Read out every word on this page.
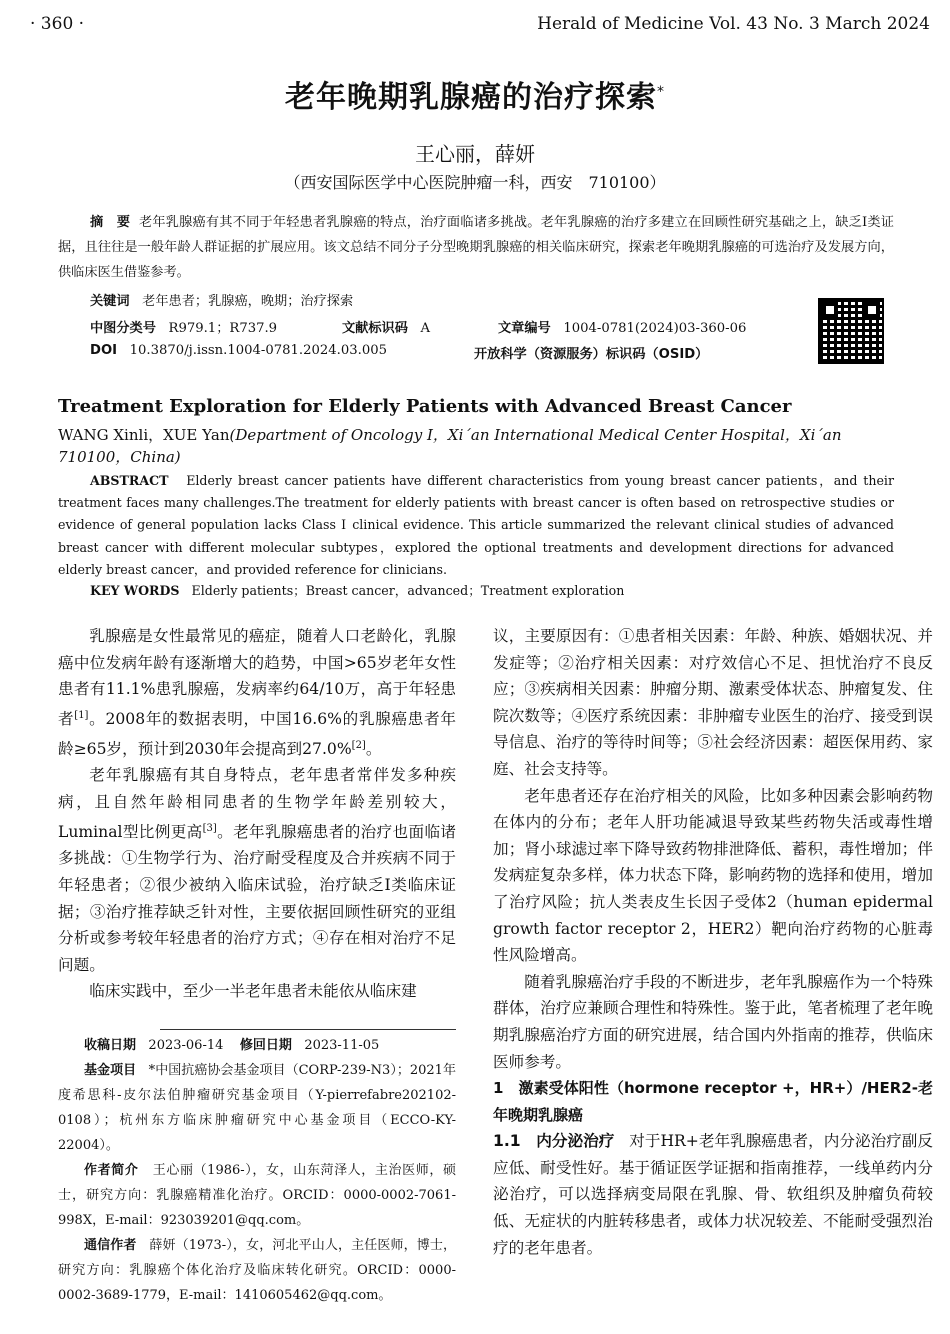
· 360 ·	Herald of Medicine Vol. 43 No. 3 March 2024
老年晚期乳腺癌的治疗探索*
王心丽，薛妍
（西安国际医学中心医院肿瘤一科，西安　710100）
摘　要 老年乳腺癌有其不同于年轻患者乳腺癌的特点，治疗面临诸多挑战。老年乳腺癌的治疗多建立在回顾性研究基础之上，缺乏Ⅰ类证据，且往往是一般年龄人群证据的扩展应用。该文总结不同分子分型晚期乳腺癌的相关临床研究，探索老年晚期乳腺癌的可选治疗及发展方向，供临床医生借鉴参考。
关键词 老年患者；乳腺癌，晚期；治疗探索
中图分类号 R979.1；R737.9	文献标识码 A	文章编号 1004-0781(2024)03-360-06
DOI 10.3870/j.issn.1004-0781.2024.03.005	开放科学（资源服务）标识码（OSID）
Treatment Exploration for Elderly Patients with Advanced Breast Cancer
WANG Xinli，XUE Yan(Department of Oncology Ⅰ，Xi´an International Medical Center Hospital，Xi´an 710100，China)
ABSTRACT Elderly breast cancer patients have different characteristics from young breast cancer patients，and their treatment faces many challenges.The treatment for elderly patients with breast cancer is often based on retrospective studies or evidence of general population lacks Class Ⅰ clinical evidence. This article summarized the relevant clinical studies of advanced breast cancer with different molecular subtypes，explored the optional treatments and development directions for advanced elderly breast cancer，and provided reference for clinicians.
KEY WORDS Elderly patients；Breast cancer，advanced；Treatment exploration

乳腺癌是女性最常见的癌症，随着人口老龄化，乳腺癌中位发病年龄有逐渐增大的趋势，中国>65岁老年女性患者有11.1%患乳腺癌，发病率约64/10万，高于年轻患者[1]。2008年的数据表明，中国16.6%的乳腺癌患者年龄≥65岁，预计到2030年会提高到27.0%[2]。

老年乳腺癌有其自身特点，老年患者常伴发多种疾病，且自然年龄相同患者的生物学年龄差别较大，Luminal型比例更高[3]。老年乳腺癌患者的治疗也面临诸多挑战：①生物学行为、治疗耐受程度及合并疾病不同于年轻患者；②很少被纳入临床试验，治疗缺乏Ⅰ类临床证据；③治疗推荐缺乏针对性，主要依据回顾性研究的亚组分析或参考较年轻患者的治疗方式；④存在相对治疗不足问题。

临床实践中，至少一半老年患者未能依从临床建

收稿日期 2023-06-14 修回日期 2023-11-05

基金项目 *中国抗癌协会基金项目（CORP-239-N3）；2021年度希思科-皮尔法伯肿瘤研究基金项目（Y-pierrefabre202102-0108）；杭州东方临床肿瘤研究中心基金项目（ECCO-KY-22004）。

作者简介 王心丽（1986-），女，山东菏泽人，主治医师，硕士，研究方向：乳腺癌精准化治疗。ORCID：0000-0002-7061-998X，E-mail：923039201@qq.com。

通信作者 薛妍（1973-），女，河北平山人，主任医师，博士，研究方向：乳腺癌个体化治疗及临床转化研究。ORCID：0000-0002-3689-1779，E-mail：1410605462@qq.com。

议，主要原因有：①患者相关因素：年龄、种族、婚姻状况、并发症等；②治疗相关因素：对疗效信心不足、担忧治疗不良反应；③疾病相关因素：肿瘤分期、激素受体状态、肿瘤复发、住院次数等；④医疗系统因素：非肿瘤专业医生的治疗、接受到误导信息、治疗的等待时间等；⑤社会经济因素：超医保用药、家庭、社会支持等。

老年患者还存在治疗相关的风险，比如多种因素会影响药物在体内的分布；老年人肝功能减退导致某些药物失活或毒性增加；肾小球滤过率下降导致药物排泄降低、蓄积，毒性增加；伴发病症复杂多样，体力状态下降，影响药物的选择和使用，增加了治疗风险；抗人类表皮生长因子受体2（human epidermal growth factor receptor 2，HER2）靶向治疗药物的心脏毒性风险增高。

随着乳腺癌治疗手段的不断进步，老年乳腺癌作为一个特殊群体，治疗应兼顾合理性和特殊性。鉴于此，笔者梳理了老年晚期乳腺癌治疗方面的研究进展，结合国内外指南的推荐，供临床医师参考。

1　激素受体阳性（hormone receptor +，HR+）/HER2-老年晚期乳腺癌

1.1　内分泌治疗 对于HR+老年乳腺癌患者，内分泌治疗副反应低、耐受性好。基于循证医学证据和指南推荐，一线单药内分泌治疗，可以选择病变局限在乳腺、骨、软组织及肿瘤负荷较低、无症状的内脏转移患者，或体力状况较差、不能耐受强烈治疗的老年患者。
